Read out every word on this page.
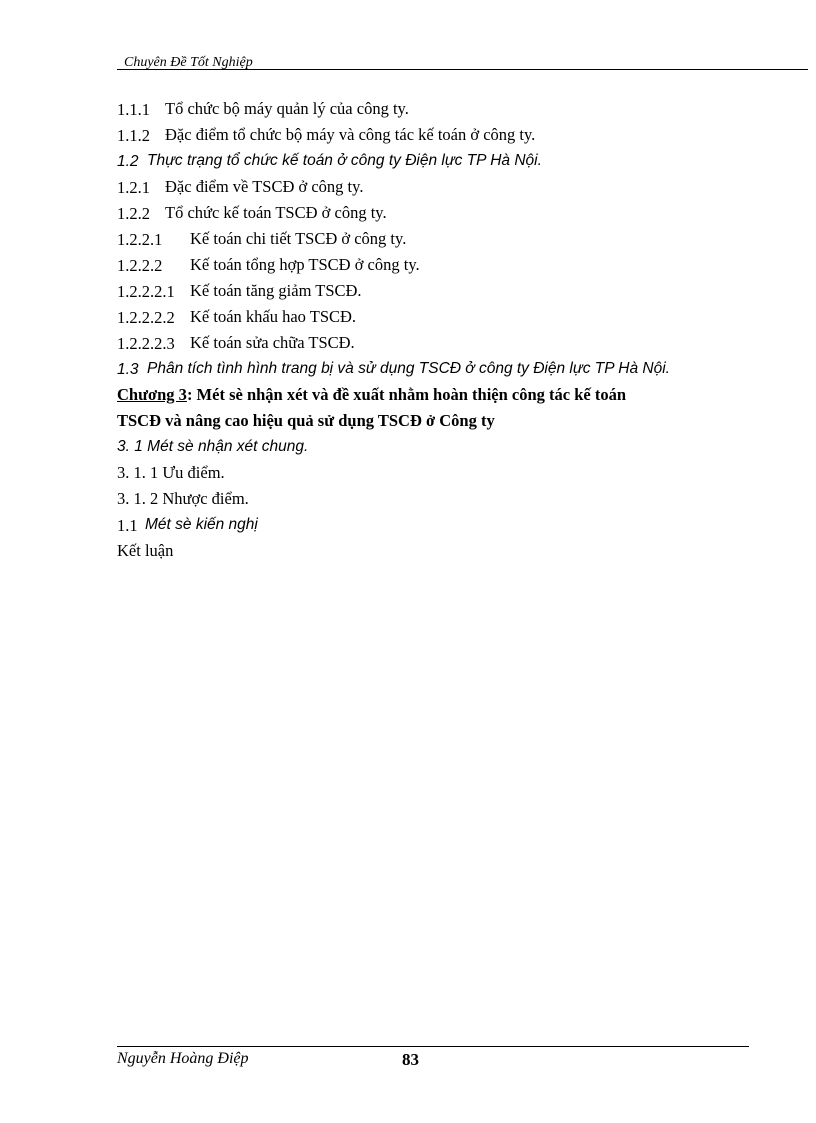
Chuyên Đề Tốt Nghiệp
1.1.1 Tổ chức bộ máy quản lý của công ty.
1.1.2 Đặc điểm tổ chức bộ máy và công tác kế toán ở công ty.
1.2 Thực trạng tổ chức kế toán ở công ty Điện lực TP Hà Nội.
1.2.1 Đặc điểm về TSCĐ ở công ty.
1.2.2 Tổ chức kế toán TSCĐ ở công ty.
1.2.2.1 Kế toán chi tiết TSCĐ ở công ty.
1.2.2.2 Kế toán tổng hợp TSCĐ ở công ty.
1.2.2.2.1 Kế toán tăng giảm TSCĐ.
1.2.2.2.2 Kế toán khấu hao TSCĐ.
1.2.2.2.3 Kế toán sửa chữa TSCĐ.
1.3 Phân tích tình hình trang bị và sử dụng TSCĐ ở công ty Điện lực TP Hà Nội.
Chương 3: Mét sè nhận xét và đề xuất nhằm hoàn thiện công tác kế toán
TSCĐ và nâng cao hiệu quả sử dụng TSCĐ ở Công ty
3. 1 Mét sè nhận xét chung.
3. 1. 1 Ưu điểm.
3. 1. 2 Nhược điểm.
1.1 Mét sè kiến nghị
Kết luận
Nguyễn Hoàng Điệp	83
